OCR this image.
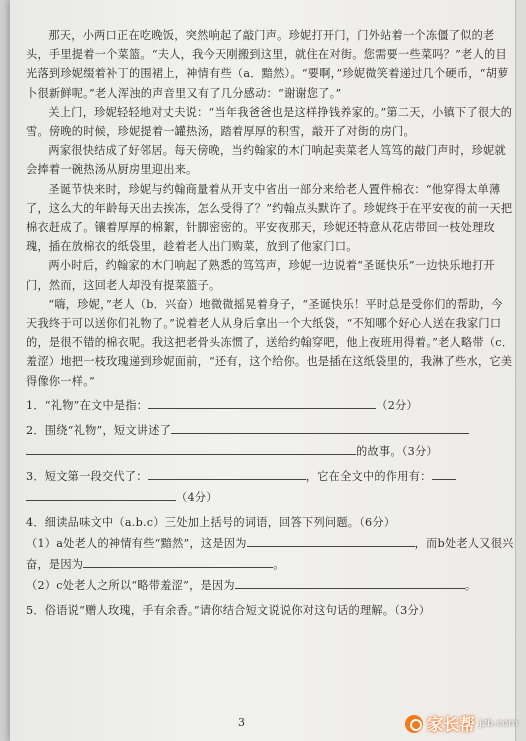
那天，小两口正在吃晚饭，突然响起了敲门声。珍妮打开门，门外站着一个冻僵了似的老头，手里提着一个菜篮。“夫人，我今天刚搬到这里，就住在对街。您需要一些菜吗？”老人的目光落到珍妮缀着补丁的围裙上，神情有些（a．黯然）。“要啊，”珍妮微笑着递过几个硬币，“胡萝卜很新鲜呢。”老人浑浊的声音里又有了几分感动：“谢谢您了。”

关上门，珍妮轻轻地对丈夫说：“当年我爸爸也是这样挣钱养家的。”第二天，小镇下了很大的雪。傍晚的时候，珍妮提着一罐热汤，踏着厚厚的积雪，敲开了对街的房门。

两家很快结成了好邻居。每天傍晚，当约翰家的木门响起卖菜老人笃笃的敲门声时，珍妮就会捧着一碗热汤从厨房里迎出来。

圣诞节快来时，珍妮与约翰商量着从开支中省出一部分来给老人置件棉衣：“他穿得太单薄了，这么大的年龄每天出去挨冻，怎么受得了？”约翰点头默许了。珍妮终于在平安夜的前一天把棉衣赶成了。镶着厚厚的棉絮，针脚密密的。平安夜那天，珍妮还特意从花店带回一枝处理玫瑰，插在放棉衣的纸袋里，趁着老人出门购菜，放到了他家门口。

两小时后，约翰家的木门响起了熟悉的笃笃声，珍妮一边说着“圣诞快乐”一边快乐地打开门，然而，这回老人却没有提菜篮子。

“嗨，珍妮，”老人（b．兴奋）地微微摇晃着身子，“圣诞快乐！平时总是受你们的帮助，今天我终于可以送你们礼物了。”说着老人从身后拿出一个大纸袋，“不知哪个好心人送在我家门口的，是很不错的棉衣呢。我这把老骨头冻惯了，送给约翰穿吧，他上夜班用得着。”老人略带（c．羞涩）地把一枝玫瑰递到珍妮面前，“还有，这个给你。也是插在这纸袋里的，我淋了些水，它美得像你一样。”

1．“礼物”在文中是指：	（2分）

2．围绕“礼物”，短文讲述了
的故事。（3分）

3．短文第一段交代了：	，它在全文中的作用有：
（4分）

4．细读品味文中（a.b.c）三处加上括号的词语，回答下列问题。（6分）
（1）a处老人的神情有些“黯然”，这是因为	，而b处老人又很兴奋，是因为	。
（2）c处老人之所以“略带羞涩”，是因为	。

5．俗语说“赠人玫瑰，手有余香。”请你结合短文说说你对这句话的理解。（3分）

3	家长帮 jzb.com
